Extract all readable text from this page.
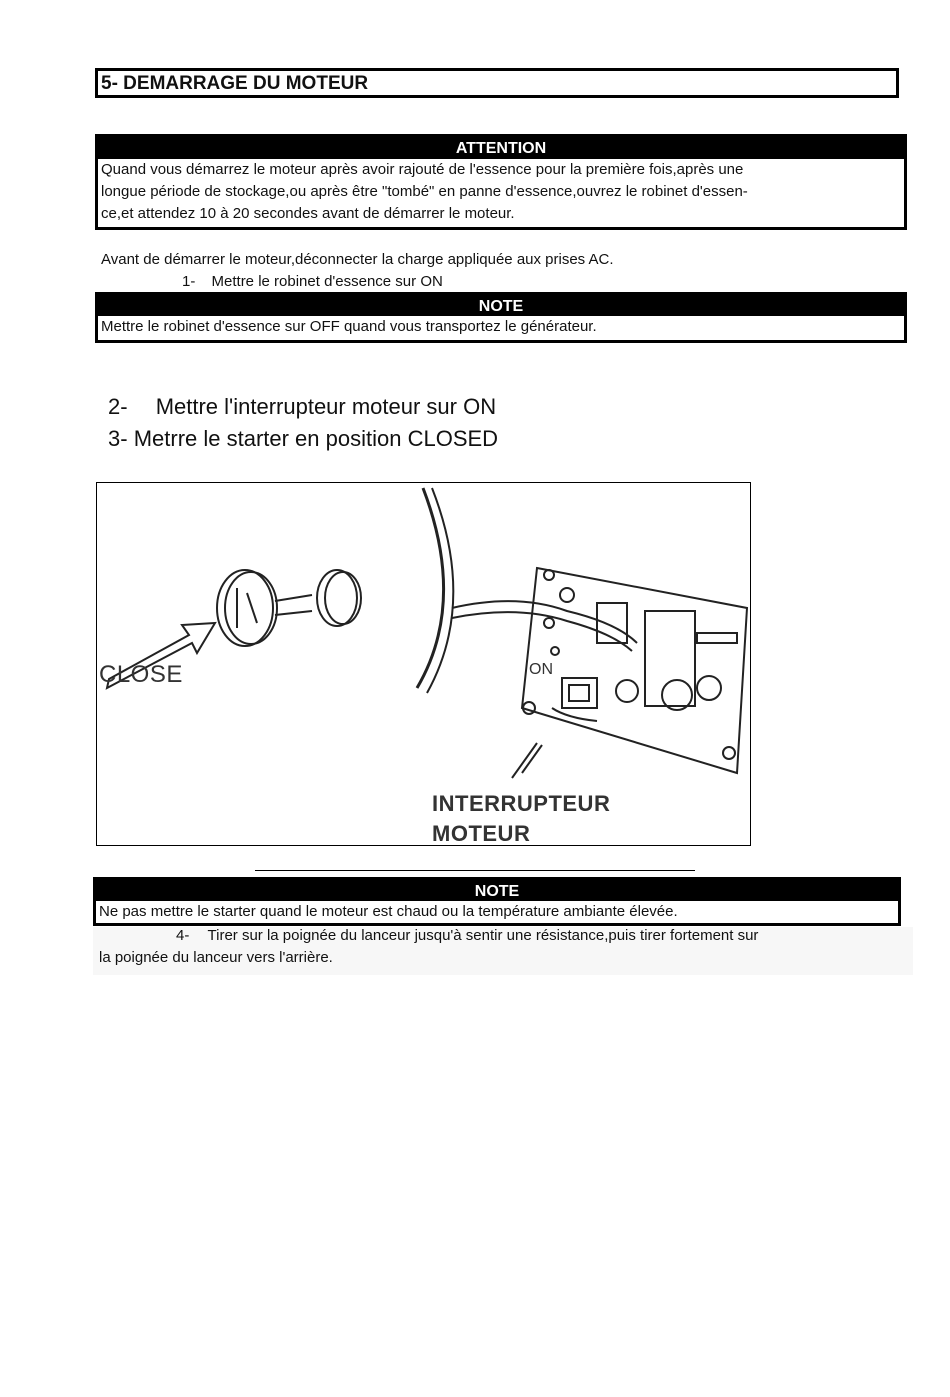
5- DEMARRAGE DU MOTEUR
ATTENTION
Quand vous démarrez le moteur après avoir rajouté de l'essence pour la première fois,après une
longue période de stockage,ou après être "tombé" en panne d'essence,ouvrez le robinet d'essen-
ce,et attendez 10 à 20 secondes avant de démarrer le moteur.
Avant de démarrer le moteur,déconnecter la charge appliquée aux prises AC.
1- Mettre le robinet d'essence sur ON
NOTE
Mettre le robinet d'essence sur OFF quand vous transportez le générateur.
2- Mettre l'interrupteur moteur sur ON
3- Metrre le starter en position CLOSED
CLOSE	ON
INTERRUPTEUR
MOTEUR
NOTE
Ne pas mettre le starter quand le moteur est chaud ou la température ambiante élevée.
4- Tirer sur la poignée du lanceur jusqu'à sentir une résistance,puis tirer fortement sur
la poignée du lanceur vers l'arrière.
